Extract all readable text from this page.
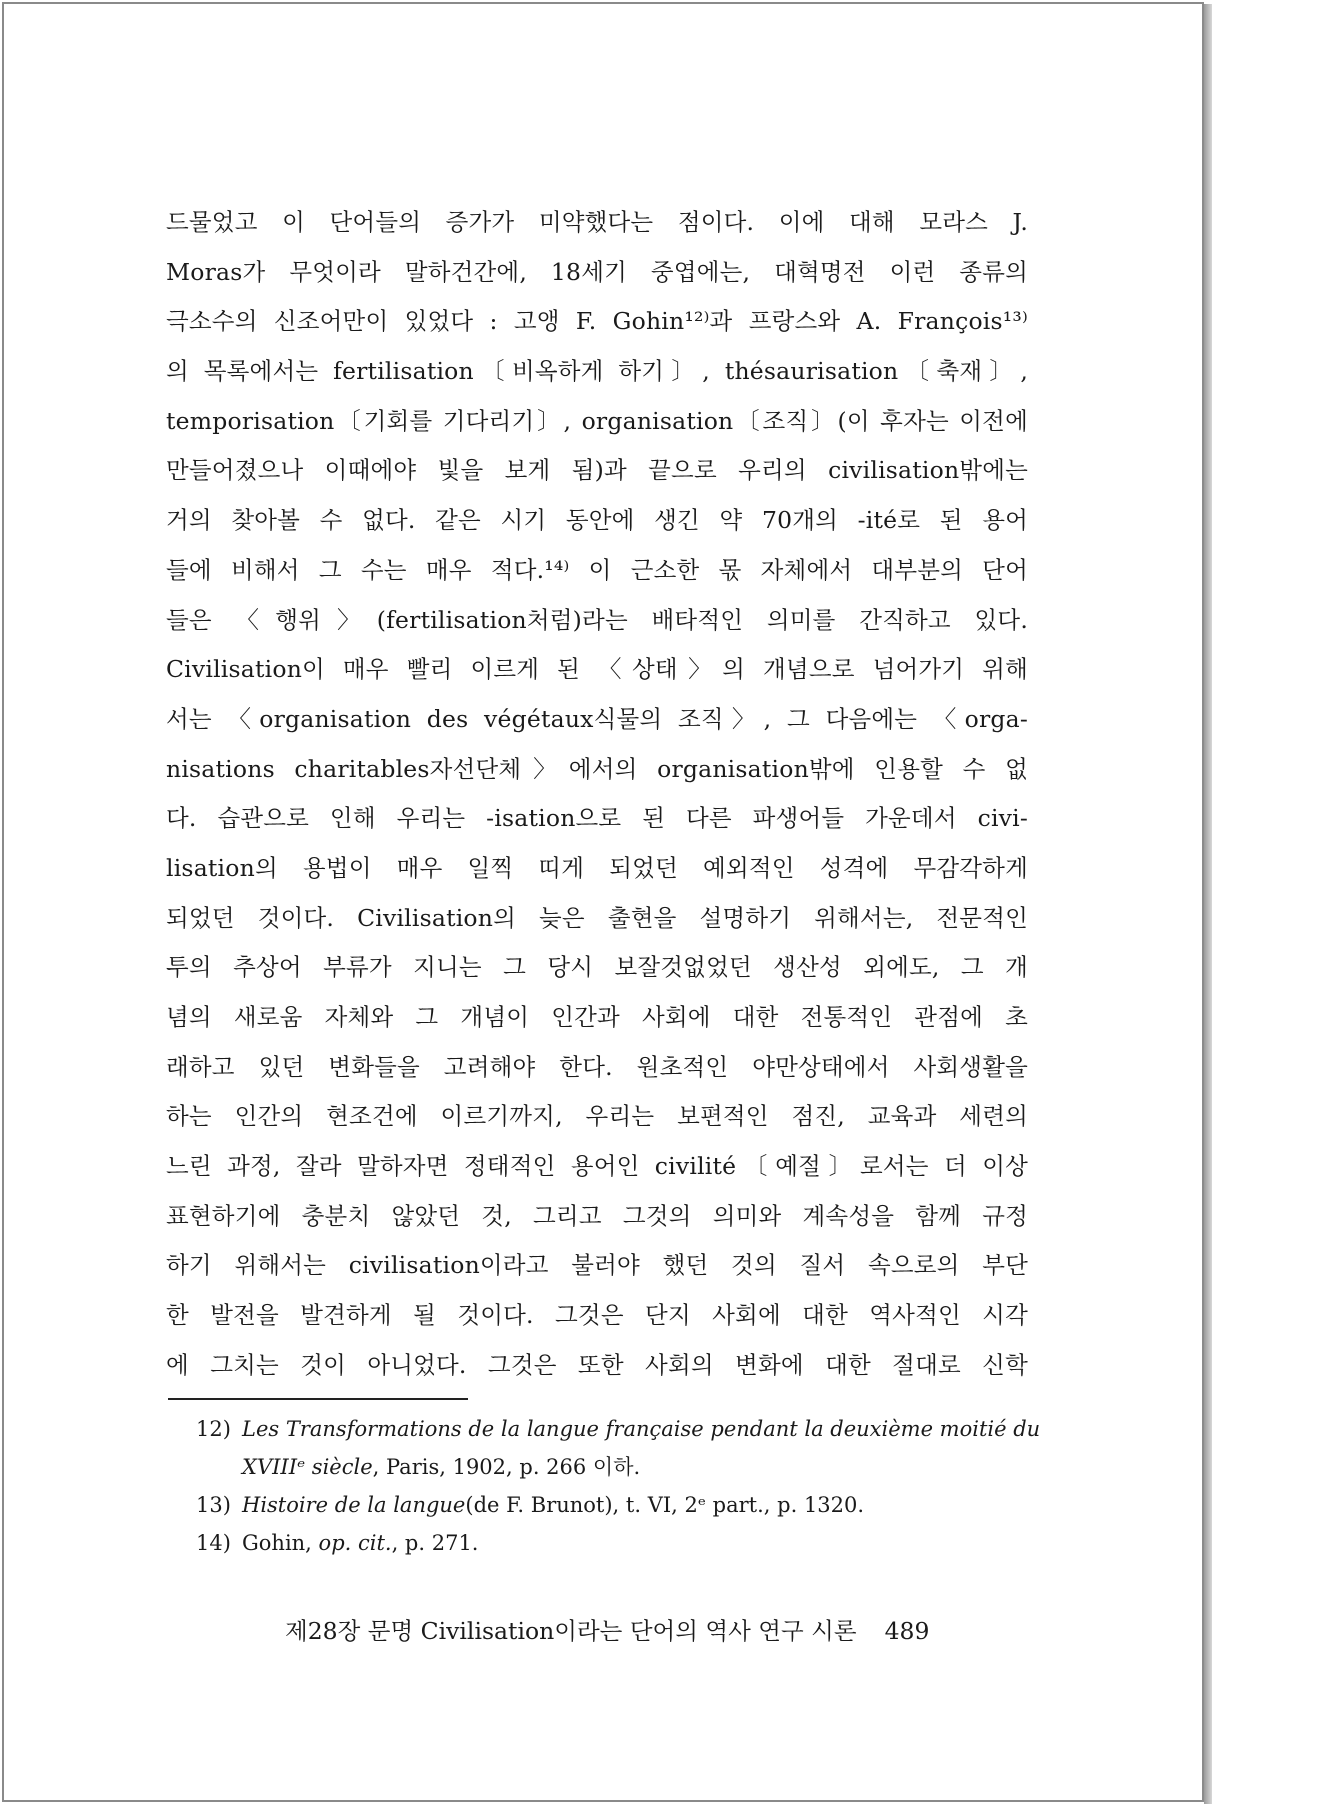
드물었고 이 단어들의 증가가 미약했다는 점이다. 이에 대해 모라스 J.
Moras가 무엇이라 말하건간에, 18세기 중엽에는, 대혁명전 이런 종류의
극소수의 신조어만이 있었다 : 고앵 F. Gohin¹²⁾과 프랑스와 A. François¹³⁾
의 목록에서는 fertilisation〔비옥하게 하기〕, thésaurisation〔축재〕,
temporisation〔기회를 기다리기〕, organisation〔조직〕(이 후자는 이전에
만들어졌으나 이때에야 빛을 보게 됨)과 끝으로 우리의 civilisation밖에는
거의 찾아볼 수 없다. 같은 시기 동안에 생긴 약 70개의 -ité로 된 용어
들에 비해서 그 수는 매우 적다.¹⁴⁾ 이 근소한 몫 자체에서 대부분의 단어
들은 〈행위〉(fertilisation처럼)라는 배타적인 의미를 간직하고 있다.
Civilisation이 매우 빨리 이르게 된 〈상태〉의 개념으로 넘어가기 위해
서는 〈organisation des végétaux식물의 조직〉, 그 다음에는 〈orga-
nisations charitables자선단체〉에서의 organisation밖에 인용할 수 없
다. 습관으로 인해 우리는 -isation으로 된 다른 파생어들 가운데서 civi-
lisation의 용법이 매우 일찍 띠게 되었던 예외적인 성격에 무감각하게
되었던 것이다. Civilisation의 늦은 출현을 설명하기 위해서는, 전문적인
투의 추상어 부류가 지니는 그 당시 보잘것없었던 생산성 외에도, 그 개
념의 새로움 자체와 그 개념이 인간과 사회에 대한 전통적인 관점에 초
래하고 있던 변화들을 고려해야 한다. 원초적인 야만상태에서 사회생활을
하는 인간의 현조건에 이르기까지, 우리는 보편적인 점진, 교육과 세련의
느린 과정, 잘라 말하자면 정태적인 용어인 civilité〔예절〕로서는 더 이상
표현하기에 충분치 않았던 것, 그리고 그것의 의미와 계속성을 함께 규정
하기 위해서는 civilisation이라고 불러야 했던 것의 질서 속으로의 부단
한 발전을 발견하게 될 것이다. 그것은 단지 사회에 대한 역사적인 시각
에 그치는 것이 아니었다. 그것은 또한 사회의 변화에 대한 절대로 신학
12) Les Transformations de la langue française pendant la deuxième moitié du
XVIIIᵉ siècle, Paris, 1902, p. 266 이하.
13) Histoire de la langue(de F. Brunot), t. VI, 2ᵉ part., p. 1320.
14) Gohin, op. cit., p. 271.
제28장 문명 Civilisation이라는 단어의 역사 연구 시론 489
